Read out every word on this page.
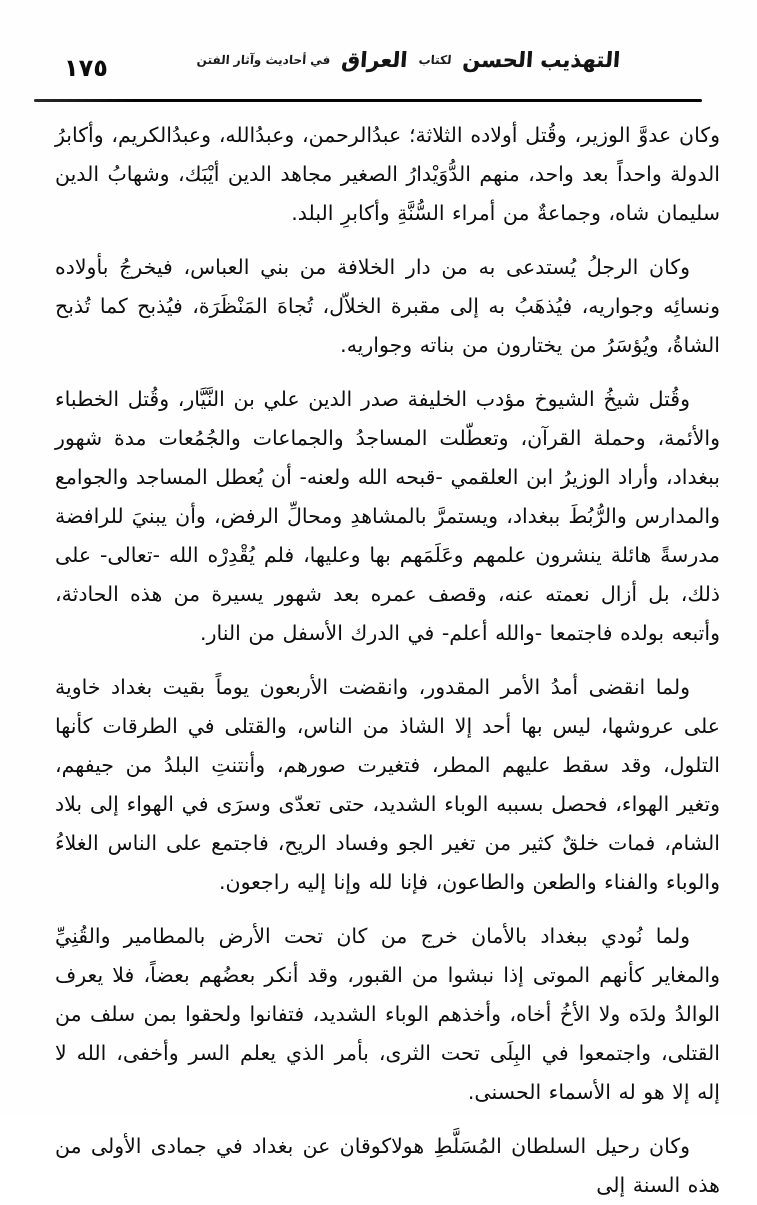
١٧٥	التهذيب الحسن لكتاب العراق في أحاديث وآثار الفتن

وكان عدوَّ الوزير، وقُتل أولاده الثلاثة؛ عبدُالرحمن، وعبدُالله، وعبدُالكريم، وأكابرُ الدولة واحداً بعد واحد، منهم الدُّوَيْدارُ الصغير مجاهد الدين أيْبَك، وشهابُ الدين سليمان شاه، وجماعةٌ من أمراء السُّنَّةِ وأكابرِ البلد.

وكان الرجلُ يُستدعى به من دار الخلافة من بني العباس، فيخرجُ بأولاده ونسائِه وجواريه، فيُذهَبُ به إلى مقبرة الخلاّل، تُجاهَ المَنْظَرَة، فيُذبح كما تُذبح الشاةُ، ويُؤسَرُ من يختارون من بناته وجواريه.

وقُتل شيخُ الشيوخ مؤدب الخليفة صدر الدين علي بن النَّيَّار، وقُتل الخطباء والأئمة، وحملة القرآن، وتعطّلت المساجدُ والجماعات والجُمُعات مدة شهور ببغداد، وأراد الوزيرُ ابن العلقمي -قبحه الله ولعنه- أن يُعطل المساجد والجوامع والمدارس والرُّبُطَ ببغداد، ويستمرَّ بالمشاهدِ ومحالِّ الرفض، وأن يبنيَ للرافضة مدرسةً هائلة ينشرون علمهم وعَلَمَهم بها وعليها، فلم يُقْدِرْه الله -تعالى- على ذلك، بل أزال نعمته عنه، وقصف عمره بعد شهور يسيرة من هذه الحادثة، وأتبعه بولده فاجتمعا -والله أعلم- في الدرك الأسفل من النار.

ولما انقضى أمدُ الأمر المقدور، وانقضت الأربعون يوماً بقيت بغداد خاوية على عروشها، ليس بها أحد إلا الشاذ من الناس، والقتلى في الطرقات كأنها التلول، وقد سقط عليهم المطر، فتغيرت صورهم، وأنتنتِ البلدُ من جيفهم، وتغير الهواء، فحصل بسببه الوباء الشديد، حتى تعدّى وسرَى في الهواء إلى بلاد الشام، فمات خلقٌ كثير من تغير الجو وفساد الريح، فاجتمع على الناس الغلاءُ والوباء والفناء والطعن والطاعون، فإنا لله وإنا إليه راجعون.

ولما نُودي ببغداد بالأمان خرج من كان تحت الأرض بالمطامير والقُنِيِّ والمغاير كأنهم الموتى إذا نبشوا من القبور، وقد أنكر بعضُهم بعضاً، فلا يعرف الوالدُ ولدَه ولا الأخُ أخاه، وأخذهم الوباء الشديد، فتفانوا ولحقوا بمن سلف من القتلى، واجتمعوا في البِلَى تحت الثرى، بأمر الذي يعلم السر وأخفى، الله لا إله إلا هو له الأسماء الحسنى.

وكان رحيل السلطان المُسَلَّطِ هولاكوقان عن بغداد في جمادى الأولى من هذه السنة إلى
